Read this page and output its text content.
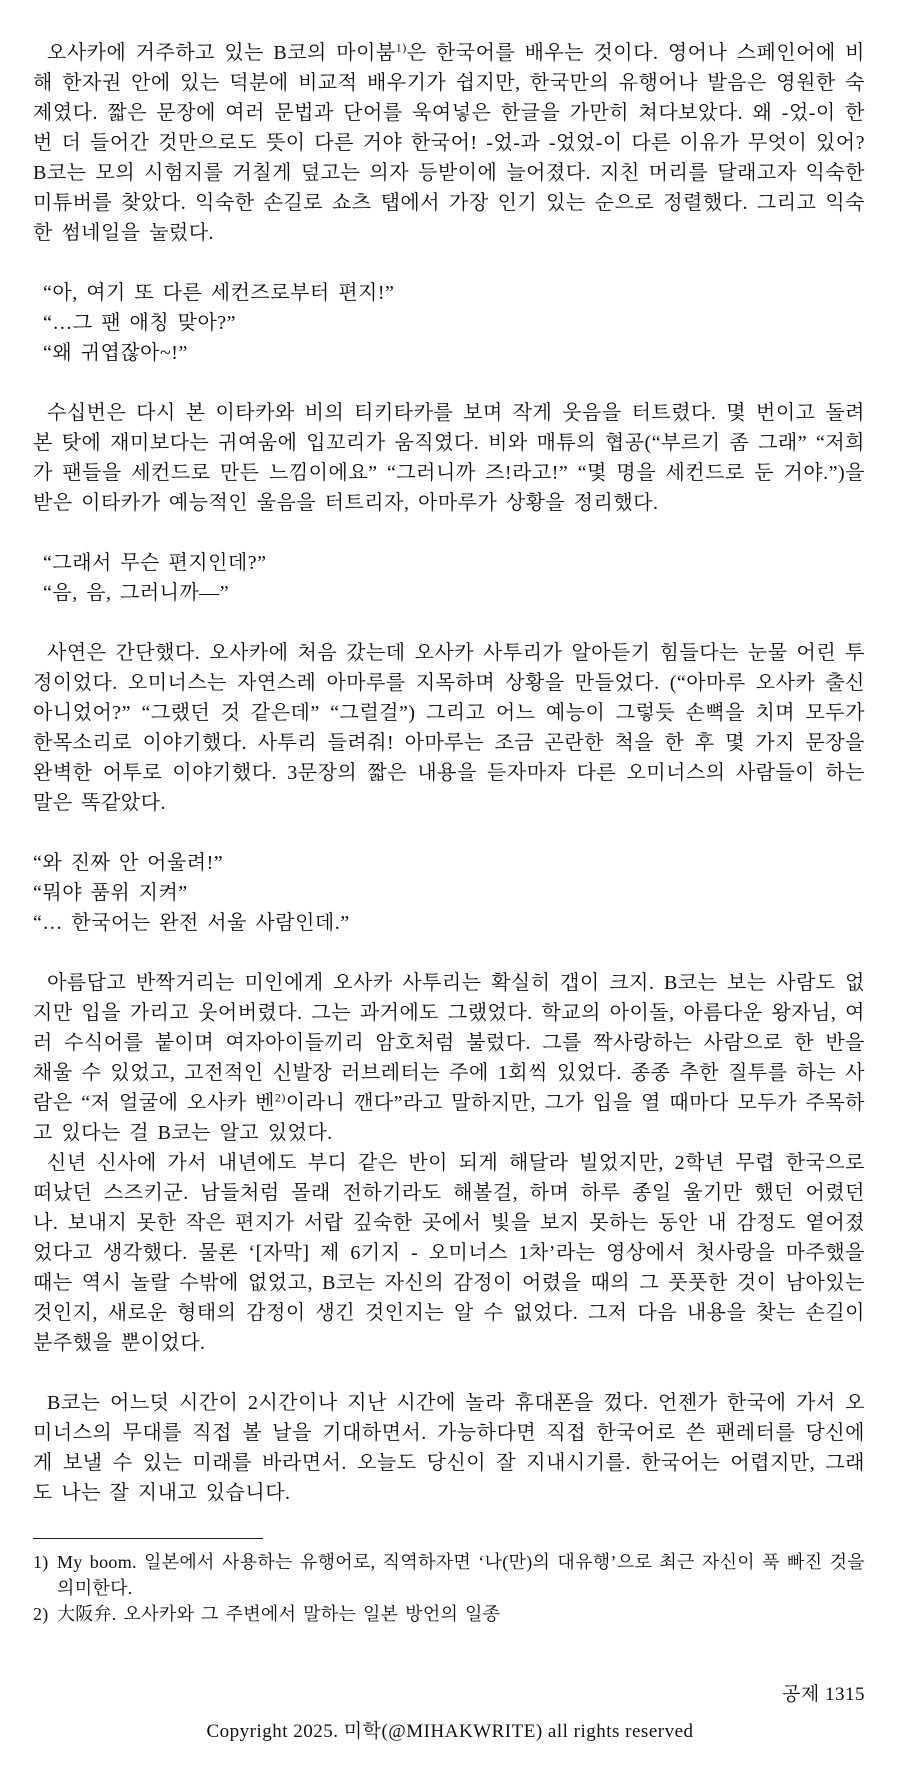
오사카에 거주하고 있는 B코의 마이붐$^{1)}$은 한국어를 배우는 것이다. 영어나 스페인어에 비해 한자권 안에 있는 덕분에 비교적 배우기가 쉽지만, 한국만의 유행어나 발음은 영원한 숙제였다. 짧은 문장에 여러 문법과 단어를 욱여넣은 한글을 가만히 쳐다보았다. 왜 -었-이 한 번 더 들어간 것만으로도 뜻이 다른 거야 한국어! -었-과 -었었-이 다른 이유가 무엇이 있어? B코는 모의 시험지를 거칠게 덮고는 의자 등받이에 늘어졌다. 지친 머리를 달래고자 익숙한 미튜버를 찾았다. 익숙한 손길로 쇼츠 탭에서 가장 인기 있는 순으로 정렬했다. 그리고 익숙한 썸네일을 눌렀다.

“아, 여기 또 다른 세컨즈로부터 편지!”
“…그 팬 애칭 맞아?”
“왜 귀엽잖아~!”

수십번은 다시 본 이타카와 비의 티키타카를 보며 작게 웃음을 터트렸다. 몇 번이고 돌려본 탓에 재미보다는 귀여움에 입꼬리가 움직였다. 비와 매튜의 협공(“부르기 좀 그래” “저희가 팬들을 세컨드로 만든 느낌이에요” “그러니까 즈!라고!” “몇 명을 세컨드로 둔 거야.”)을 받은 이타카가 예능적인 울음을 터트리자, 아마루가 상황을 정리했다.

“그래서 무슨 편지인데?”
“음, 음, 그러니까—”

사연은 간단했다. 오사카에 처음 갔는데 오사카 사투리가 알아듣기 힘들다는 눈물 어린 투정이었다. 오미너스는 자연스레 아마루를 지목하며 상황을 만들었다. (“아마루 오사카 출신 아니었어?” “그랬던 것 같은데” “그럴걸”) 그리고 어느 예능이 그렇듯 손뼉을 치며 모두가 한목소리로 이야기했다. 사투리 들려줘! 아마루는 조금 곤란한 척을 한 후 몇 가지 문장을 완벽한 어투로 이야기했다. 3문장의 짧은 내용을 듣자마자 다른 오미너스의 사람들이 하는 말은 똑같았다.

“와 진짜 안 어울려!”
“뭐야 품위 지켜”
“… 한국어는 완전 서울 사람인데.”

아름답고 반짝거리는 미인에게 오사카 사투리는 확실히 갭이 크지. B코는 보는 사람도 없지만 입을 가리고 웃어버렸다. 그는 과거에도 그랬었다. 학교의 아이돌, 아름다운 왕자님, 여러 수식어를 붙이며 여자아이들끼리 암호처럼 불렀다. 그를 짝사랑하는 사람으로 한 반을 채울 수 있었고, 고전적인 신발장 러브레터는 주에 1회씩 있었다. 종종 추한 질투를 하는 사람은 “저 얼굴에 오사카 벤$^{2)}$이라니 깬다”라고 말하지만, 그가 입을 열 때마다 모두가 주목하고 있다는 걸 B코는 알고 있었다.

신년 신사에 가서 내년에도 부디 같은 반이 되게 해달라 빌었지만, 2학년 무렵 한국으로 떠났던 스즈키군. 남들처럼 몰래 전하기라도 해볼걸, 하며 하루 종일 울기만 했던 어렸던 나. 보내지 못한 작은 편지가 서랍 깊숙한 곳에서 빛을 보지 못하는 동안 내 감정도 옅어졌었다고 생각했다. 물론 ‘[자막] 제 6기지 - 오미너스 1차’라는 영상에서 첫사랑을 마주했을 때는 역시 놀랄 수밖에 없었고, B코는 자신의 감정이 어렸을 때의 그 풋풋한 것이 남아있는 것인지, 새로운 형태의 감정이 생긴 것인지는 알 수 없었다. 그저 다음 내용을 찾는 손길이 분주했을 뿐이었다.

B코는 어느덧 시간이 2시간이나 지난 시간에 놀라 휴대폰을 껐다. 언젠가 한국에 가서 오미너스의 무대를 직접 볼 날을 기대하면서. 가능하다면 직접 한국어로 쓴 팬레터를 당신에게 보낼 수 있는 미래를 바라면서. 오늘도 당신이 잘 지내시기를. 한국어는 어렵지만, 그래도 나는 잘 지내고 있습니다.

1) My boom. 일본에서 사용하는 유행어로, 직역하자면 ‘나(만)의 대유행’으로 최근 자신이 푹 빠진 것을 의미한다.
2) 大阪弁. 오사카와 그 주변에서 말하는 일본 방언의 일종
공제 1315
Copyright 2025. 미학(@MIHAKWRITE) all rights reserved
